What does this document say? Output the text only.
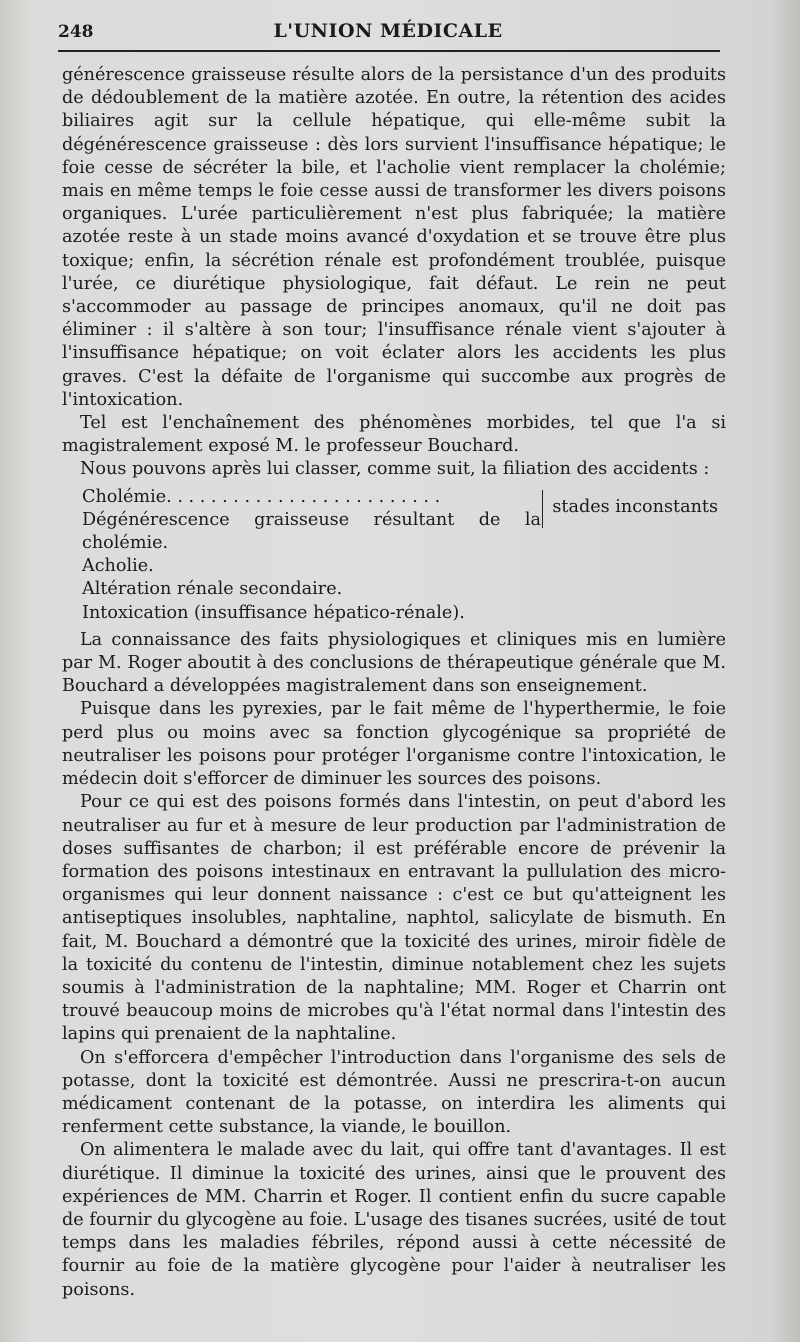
248	L'UNION MÉDICALE

générescence graisseuse résulte alors de la persistance d'un des produits de dédoublement de la matière azotée. En outre, la rétention des acides biliaires agit sur la cellule hépatique, qui elle-même subit la dégénérescence graisseuse : dès lors survient l'insuffisance hépatique; le foie cesse de sécréter la bile, et l'acholie vient remplacer la cholémie; mais en même temps le foie cesse aussi de transformer les divers poisons organiques. L'urée particulièrement n'est plus fabriquée; la matière azotée reste à un stade moins avancé d'oxydation et se trouve être plus toxique; enfin, la sécrétion rénale est profondément troublée, puisque l'urée, ce diurétique physiologique, fait défaut. Le rein ne peut s'accommoder au passage de principes anomaux, qu'il ne doit pas éliminer : il s'altère à son tour; l'insuffisance rénale vient s'ajouter à l'insuffisance hépatique; on voit éclater alors les accidents les plus graves. C'est la défaite de l'organisme qui succombe aux progrès de l'intoxication.

Tel est l'enchaînement des phénomènes morbides, tel que l'a si magistralement exposé M. le professeur Bouchard.

Nous pouvons après lui classer, comme suit, la filiation des accidents :

Cholémie. . . . . . . . . . . . . . . . . . . . . . . . .
Dégénérescence graisseuse résultant de la cholémie.
stades inconstants
Acholie.
Altération rénale secondaire.
Intoxication (insuffisance hépatico-rénale).

La connaissance des faits physiologiques et cliniques mis en lumière par M. Roger aboutit à des conclusions de thérapeutique générale que M. Bouchard a développées magistralement dans son enseignement.

Puisque dans les pyrexies, par le fait même de l'hyperthermie, le foie perd plus ou moins avec sa fonction glycogénique sa propriété de neutraliser les poisons pour protéger l'organisme contre l'intoxication, le médecin doit s'efforcer de diminuer les sources des poisons.

Pour ce qui est des poisons formés dans l'intestin, on peut d'abord les neutraliser au fur et à mesure de leur production par l'administration de doses suffisantes de charbon; il est préférable encore de prévenir la formation des poisons intestinaux en entravant la pullulation des micro-organismes qui leur donnent naissance : c'est ce but qu'atteignent les antiseptiques insolubles, naphtaline, naphtol, salicylate de bismuth. En fait, M. Bouchard a démontré que la toxicité des urines, miroir fidèle de la toxicité du contenu de l'intestin, diminue notablement chez les sujets soumis à l'administration de la naphtaline; MM. Roger et Charrin ont trouvé beaucoup moins de microbes qu'à l'état normal dans l'intestin des lapins qui prenaient de la naphtaline.

On s'efforcera d'empêcher l'introduction dans l'organisme des sels de potasse, dont la toxicité est démontrée. Aussi ne prescrira-t-on aucun médicament contenant de la potasse, on interdira les aliments qui renferment cette substance, la viande, le bouillon.

On alimentera le malade avec du lait, qui offre tant d'avantages. Il est diurétique. Il diminue la toxicité des urines, ainsi que le prouvent des expériences de MM. Charrin et Roger. Il contient enfin du sucre capable de fournir du glycogène au foie. L'usage des tisanes sucrées, usité de tout temps dans les maladies fébriles, répond aussi à cette nécessité de fournir au foie de la matière glycogène pour l'aider à neutraliser les poisons.
